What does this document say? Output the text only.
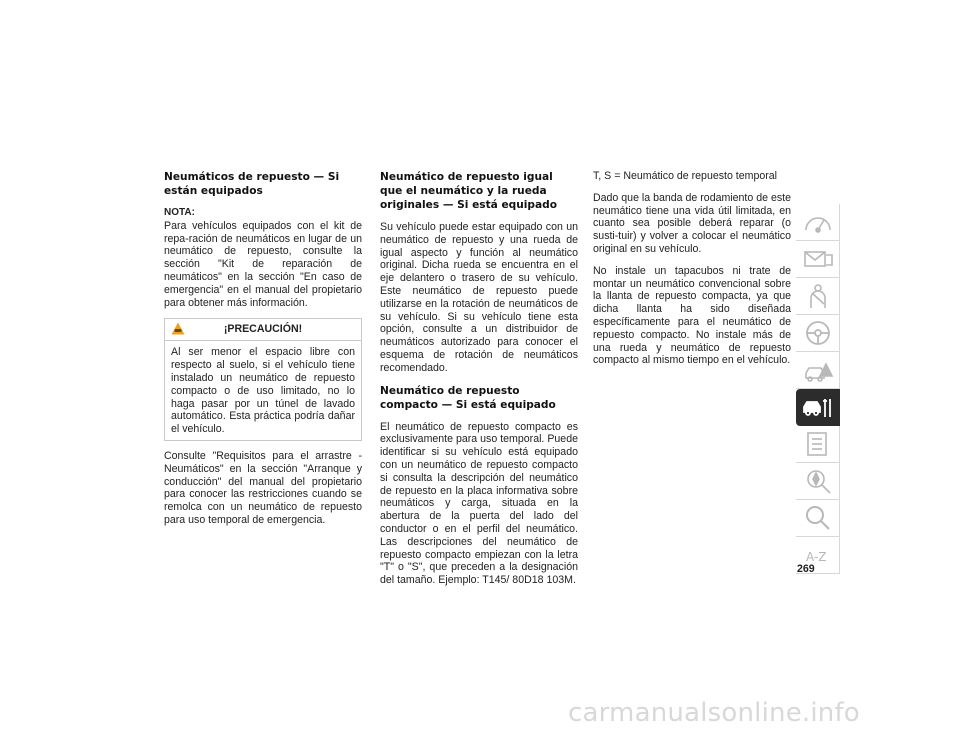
Neumáticos de repuesto — Si están equipados
NOTA:

Para vehículos equipados con el kit de repa-ración de neumáticos en lugar de un neumático de repuesto, consulte la sección "Kit de reparación de neumáticos" en la sección "En caso de emergencia" en el manual del propietario para obtener más información.

¡PRECAUCIÓN!

Al ser menor el espacio libre con respecto al suelo, si el vehículo tiene instalado un neumático de repuesto compacto o de uso limitado, no lo haga pasar por un túnel de lavado automático. Esta práctica podría dañar el vehículo.

Consulte "Requisitos para el arrastre - Neumáticos" en la sección "Arranque y conducción" del manual del propietario para conocer las restricciones cuando se remolca con un neumático de repuesto para uso temporal de emergencia.

Neumático de repuesto igual que el neumático y la rueda originales — Si está equipado

Su vehículo puede estar equipado con un neumático de repuesto y una rueda de igual aspecto y función al neumático original. Dicha rueda se encuentra en el eje delantero o trasero de su vehículo. Este neumático de repuesto puede utilizarse en la rotación de neumáticos de su vehículo. Si su vehículo tiene esta opción, consulte a un distribuidor de neumáticos autorizado para conocer el esquema de rotación de neumáticos recomendado.

Neumático de repuesto compacto — Si está equipado

El neumático de repuesto compacto es exclusivamente para uso temporal. Puede identificar si su vehículo está equipado con un neumático de repuesto compacto si consulta la descripción del neumático de repuesto en la placa informativa sobre neumáticos y carga, situada en la abertura de la puerta del lado del conductor o en el perfil del neumático. Las descripciones del neumático de repuesto compacto empiezan con la letra "T" o "S", que preceden a la designación del tamaño. Ejemplo: T145/ 80D18 103M.

T, S = Neumático de repuesto temporal

Dado que la banda de rodamiento de este neumático tiene una vida útil limitada, en cuanto sea posible deberá reparar (o susti-tuir) y volver a colocar el neumático original en su vehículo.

No instale un tapacubos ni trate de montar un neumático convencional sobre la llanta de repuesto compacta, ya que dicha llanta ha sido diseñada específicamente para el neumático de repuesto compacto. No instale más de una rueda y neumático de repuesto compacto al mismo tiempo en el vehículo.

A-Z
269
carmanualsonline.info
